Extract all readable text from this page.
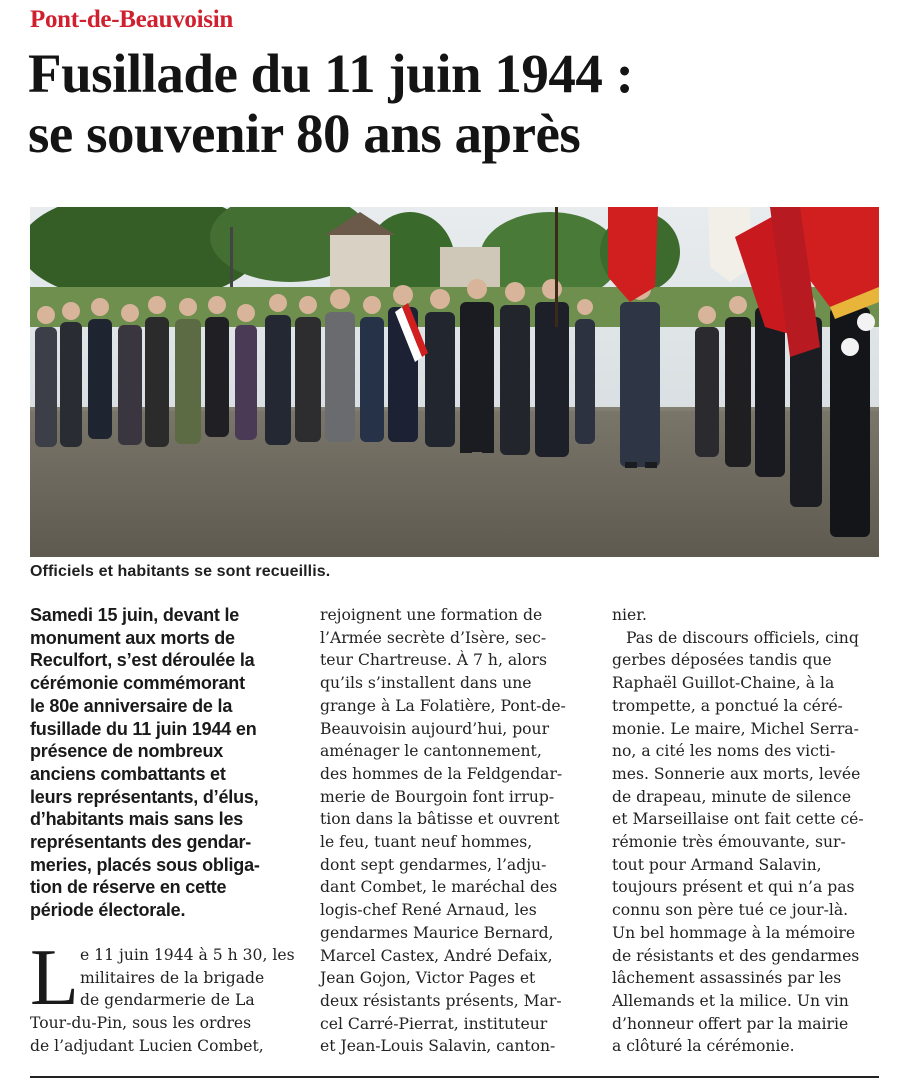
Pont-de-Beauvoisin
Fusillade du 11 juin 1944 :
se souvenir 80 ans après
Officiels et habitants se sont recueillis.

Samedi 15 juin, devant le
monument aux morts de
Reculfort, s’est déroulée la
cérémonie commémorant
le 80e anniversaire de la
fusillade du 11 juin 1944 en
présence de nombreux
anciens combattants et
leurs représentants, d’élus,
d’habitants mais sans les
représentants des gendar-
meries, placés sous obliga-
tion de réserve en cette
période électorale.

L e 11 juin 1944 à 5 h 30, les
militaires de la brigade
de gendarmerie de La
Tour-du-Pin, sous les ordres
de l’adjudant Lucien Combet,

rejoignent une formation de
l’Armée secrète d’Isère, sec-
teur Chartreuse. À 7 h, alors
qu’ils s’installent dans une
grange à La Folatière, Pont-de-
Beauvoisin aujourd’hui, pour
aménager le cantonnement,
des hommes de la Feldgendar-
merie de Bourgoin font irrup-
tion dans la bâtisse et ouvrent
le feu, tuant neuf hommes,
dont sept gendarmes, l’adju-
dant Combet, le maréchal des
logis-chef René Arnaud, les
gendarmes Maurice Bernard,
Marcel Castex, André Defaix,
Jean Gojon, Victor Pages et
deux résistants présents, Mar-
cel Carré-Pierrat, instituteur
et Jean-Louis Salavin, canton-

nier.
Pas de discours officiels, cinq
gerbes déposées tandis que
Raphaël Guillot-Chaine, à la
trompette, a ponctué la céré-
monie. Le maire, Michel Serra-
no, a cité les noms des victi-
mes. Sonnerie aux morts, levée
de drapeau, minute de silence
et Marseillaise ont fait cette cé-
rémonie très émouvante, sur-
tout pour Armand Salavin,
toujours présent et qui n’a pas
connu son père tué ce jour-là.
Un bel hommage à la mémoire
de résistants et des gendarmes
lâchement assassinés par les
Allemands et la milice. Un vin
d’honneur offert par la mairie
a clôturé la cérémonie.
